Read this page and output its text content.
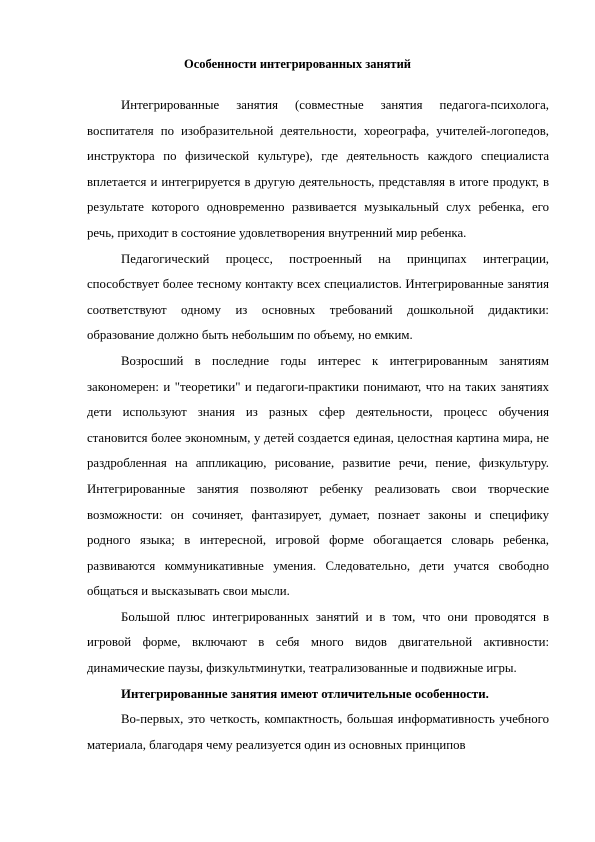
Особенности интегрированных занятий

Интегрированные занятия (совместные занятия педагога-психолога, воспитателя по изобразительной деятельности, хореографа, учителей-логопедов, инструктора по физической культуре), где деятельность каждого специалиста вплетается и интегрируется в другую деятельность, представляя в итоге продукт, в результате которого одновременно развивается музыкальный слух ребенка, его речь, приходит в состояние удовлетворения внутренний мир ребенка.

Педагогический процесс, построенный на принципах интеграции, способствует более тесному контакту всех специалистов. Интегрированные занятия соответствуют одному из основных требований дошкольной дидактики: образование должно быть небольшим по объему, но емким.

Возросший в последние годы интерес к интегрированным занятиям закономерен: и "теоретики" и педагоги-практики понимают, что на таких занятиях дети используют знания из разных сфер деятельности, процесс обучения становится более экономным, у детей создается единая, целостная картина мира, не раздробленная на аппликацию, рисование, развитие речи, пение, физкультуру. Интегрированные занятия позволяют ребенку реализовать свои творческие возможности: он сочиняет, фантазирует, думает, познает законы и специфику родного языка; в интересной, игровой форме обогащается словарь ребенка, развиваются коммуникативные умения. Следовательно, дети учатся свободно общаться и высказывать свои мысли.

Большой плюс интегрированных занятий и в том, что они проводятся в игровой форме, включают в себя много видов двигательной активности: динамические паузы, физкультминутки, театрализованные и подвижные игры.

Интегрированные занятия имеют отличительные особенности.

Во-первых, это четкость, компактность, большая информативность учебного материала, благодаря чему реализуется один из основных принципов
